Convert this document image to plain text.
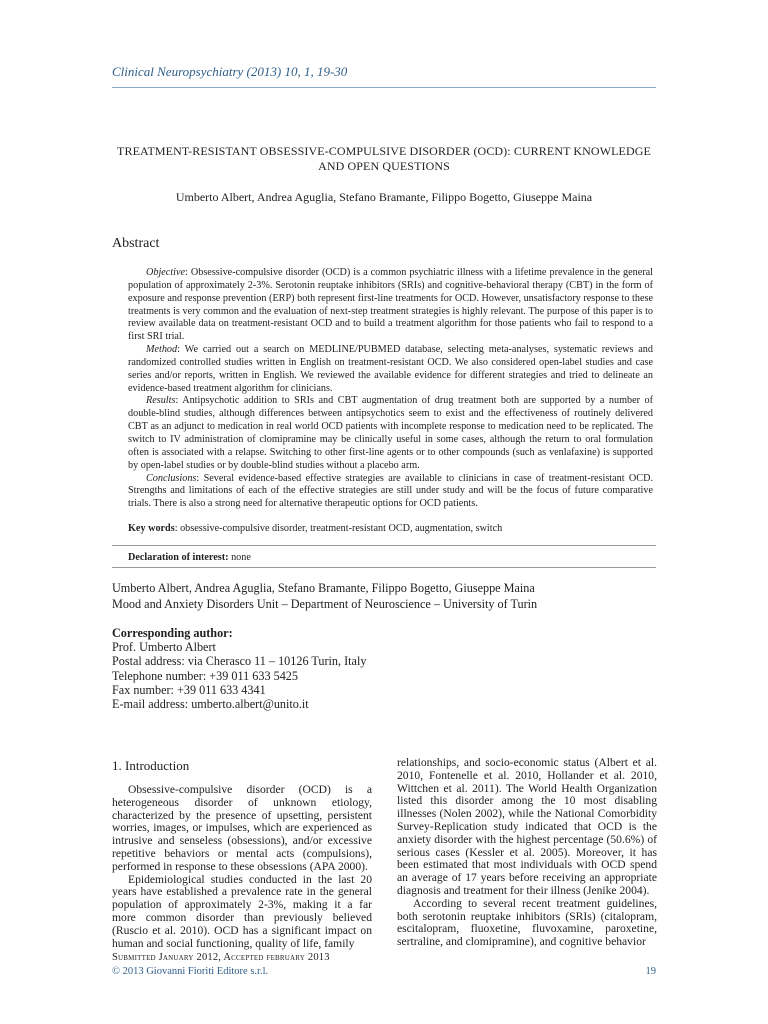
Clinical Neuropsychiatry (2013) 10, 1, 19-30
TREATMENT-RESISTANT OBSESSIVE-COMPULSIVE DISORDER (OCD): CURRENT KNOWLEDGE AND OPEN QUESTIONS
Umberto Albert, Andrea Aguglia, Stefano Bramante, Filippo Bogetto, Giuseppe Maina
Abstract

Objective: Obsessive-compulsive disorder (OCD) is a common psychiatric illness with a lifetime prevalence in the general population of approximately 2-3%. Serotonin reuptake inhibitors (SRIs) and cognitive-behavioral therapy (CBT) in the form of exposure and response prevention (ERP) both represent first-line treatments for OCD. However, unsatisfactory response to these treatments is very common and the evaluation of next-step treatment strategies is highly relevant. The purpose of this paper is to review available data on treatment-resistant OCD and to build a treatment algorithm for those patients who fail to respond to a first SRI trial.

Method: We carried out a search on MEDLINE/PUBMED database, selecting meta-analyses, systematic reviews and randomized controlled studies written in English on treatment-resistant OCD. We also considered open-label studies and case series and/or reports, written in English. We reviewed the available evidence for different strategies and tried to delineate an evidence-based treatment algorithm for clinicians.

Results: Antipsychotic addition to SRIs and CBT augmentation of drug treatment both are supported by a number of double-blind studies, although differences between antipsychotics seem to exist and the effectiveness of routinely delivered CBT as an adjunct to medication in real world OCD patients with incomplete response to medication need to be replicated. The switch to IV administration of clomipramine may be clinically useful in some cases, although the return to oral formulation often is associated with a relapse. Switching to other first-line agents or to other compounds (such as venlafaxine) is supported by open-label studies or by double-blind studies without a placebo arm.

Conclusions: Several evidence-based effective strategies are available to clinicians in case of treatment-resistant OCD. Strengths and limitations of each of the effective strategies are still under study and will be the focus of future comparative trials. There is also a strong need for alternative therapeutic options for OCD patients.

Key words: obsessive-compulsive disorder, treatment-resistant OCD, augmentation, switch
Declaration of interest: none
Umberto Albert, Andrea Aguglia, Stefano Bramante, Filippo Bogetto, Giuseppe Maina
Mood and Anxiety Disorders Unit – Department of Neuroscience – University of Turin
Corresponding author:
Prof. Umberto Albert
Postal address: via Cherasco 11 – 10126 Turin, Italy
Telephone number: +39 011 633 5425
Fax number: +39 011 633 4341
E-mail address: umberto.albert@unito.it
1. Introduction

Obsessive-compulsive disorder (OCD) is a heterogeneous disorder of unknown etiology, characterized by the presence of upsetting, persistent worries, images, or impulses, which are experienced as intrusive and senseless (obsessions), and/or excessive repetitive behaviors or mental acts (compulsions), performed in response to these obsessions (APA 2000).

Epidemiological studies conducted in the last 20 years have established a prevalence rate in the general population of approximately 2-3%, making it a far more common disorder than previously believed (Ruscio et al. 2010). OCD has a significant impact on human and social functioning, quality of life, family

relationships, and socio-economic status (Albert et al. 2010, Fontenelle et al. 2010, Hollander et al. 2010, Wittchen et al. 2011). The World Health Organization listed this disorder among the 10 most disabling illnesses (Nolen 2002), while the National Comorbidity Survey-Replication study indicated that OCD is the anxiety disorder with the highest percentage (50.6%) of serious cases (Kessler et al. 2005). Moreover, it has been estimated that most individuals with OCD spend an average of 17 years before receiving an appropriate diagnosis and treatment for their illness (Jenike 2004).

According to several recent treatment guidelines, both serotonin reuptake inhibitors (SRIs) (citalopram, escitalopram, fluoxetine, fluvoxamine, paroxetine, sertraline, and clomipramine), and cognitive behavior

Submitted January 2012, Accepted february 2013
© 2013 Giovanni Fioriti Editore s.r.l.	19
